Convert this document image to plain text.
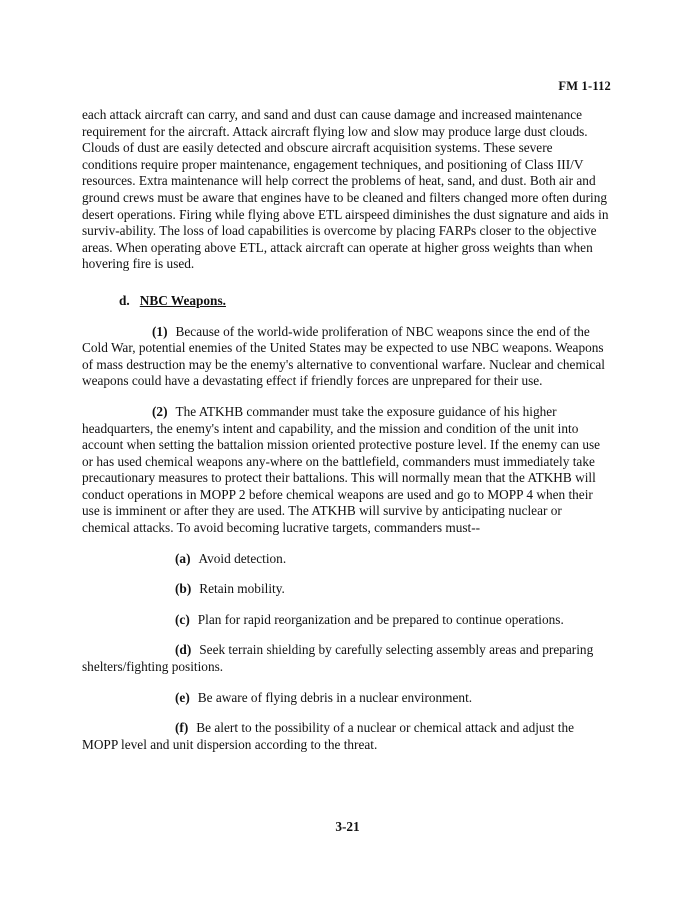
FM 1-112

each attack aircraft can carry, and sand and dust can cause damage and increased maintenance requirement for the aircraft. Attack aircraft flying low and slow may produce large dust clouds. Clouds of dust are easily detected and obscure aircraft acquisition systems. These severe conditions require proper maintenance, engagement techniques, and positioning of Class III/V resources. Extra maintenance will help correct the problems of heat, sand, and dust. Both air and ground crews must be aware that engines have to be cleaned and filters changed more often during desert operations. Firing while flying above ETL airspeed diminishes the dust signature and aids in surviv-ability. The loss of load capabilities is overcome by placing FARPs closer to the objective areas. When operating above ETL, attack aircraft can operate at higher gross weights than when hovering fire is used.

d. NBC Weapons.

(1) Because of the world-wide proliferation of NBC weapons since the end of the Cold War, potential enemies of the United States may be expected to use NBC weapons. Weapons of mass destruction may be the enemy's alternative to conventional warfare. Nuclear and chemical weapons could have a devastating effect if friendly forces are unprepared for their use.

(2) The ATKHB commander must take the exposure guidance of his higher headquarters, the enemy's intent and capability, and the mission and condition of the unit into account when setting the battalion mission oriented protective posture level. If the enemy can use or has used chemical weapons any-where on the battlefield, commanders must immediately take precautionary measures to protect their battalions. This will normally mean that the ATKHB will conduct operations in MOPP 2 before chemical weapons are used and go to MOPP 4 when their use is imminent or after they are used. The ATKHB will survive by anticipating nuclear or chemical attacks. To avoid becoming lucrative targets, commanders must--

(a) Avoid detection.

(b) Retain mobility.

(c) Plan for rapid reorganization and be prepared to continue operations.

(d) Seek terrain shielding by carefully selecting assembly areas and preparing shelters/fighting positions.

(e) Be aware of flying debris in a nuclear environment.

(f) Be alert to the possibility of a nuclear or chemical attack and adjust the MOPP level and unit dispersion according to the threat.

3-21
